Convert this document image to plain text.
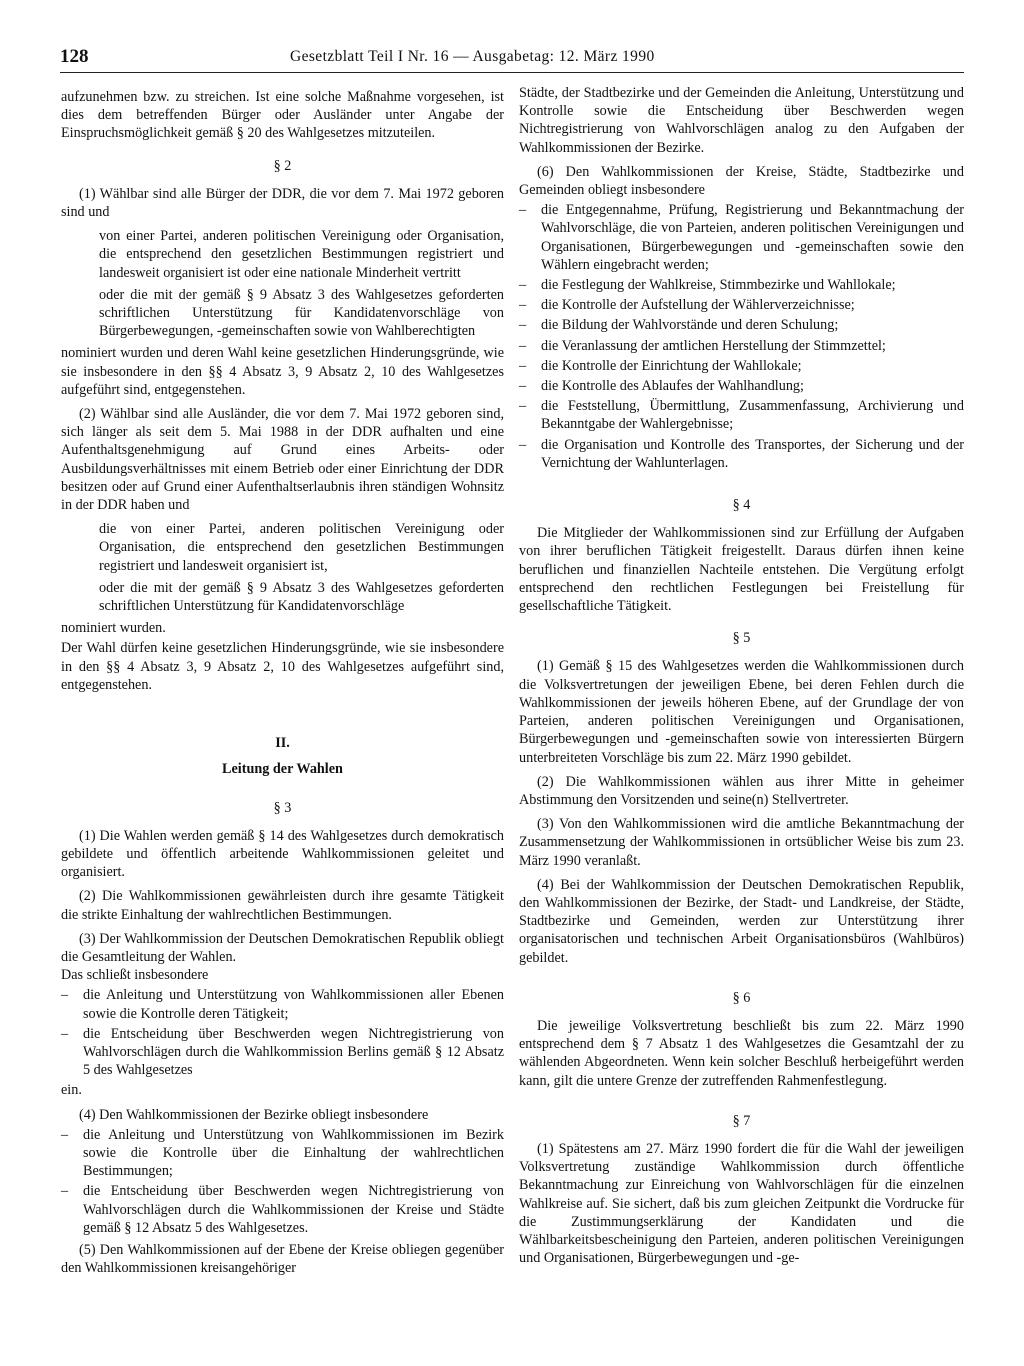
128	Gesetzblatt Teil I Nr. 16 — Ausgabetag: 12. März 1990

aufzunehmen bzw. zu streichen. Ist eine solche Maßnahme vorgesehen, ist dies dem betreffenden Bürger oder Ausländer unter Angabe der Einspruchsmöglichkeit gemäß § 20 des Wahlgesetzes mitzuteilen.

§ 2

(1) Wählbar sind alle Bürger der DDR, die vor dem 7. Mai 1972 geboren sind und

von einer Partei, anderen politischen Vereinigung oder Organisation, die entsprechend den gesetzlichen Bestimmungen registriert und landesweit organisiert ist oder eine nationale Minderheit vertritt

oder die mit der gemäß § 9 Absatz 3 des Wahlgesetzes geforderten schriftlichen Unterstützung für Kandidatenvorschläge von Bürgerbewegungen, -gemeinschaften sowie von Wahlberechtigten

nominiert wurden und deren Wahl keine gesetzlichen Hinderungsgründe, wie sie insbesondere in den §§ 4 Absatz 3, 9 Absatz 2, 10 des Wahlgesetzes aufgeführt sind, entgegenstehen.

(2) Wählbar sind alle Ausländer, die vor dem 7. Mai 1972 geboren sind, sich länger als seit dem 5. Mai 1988 in der DDR aufhalten und eine Aufenthaltsgenehmigung auf Grund eines Arbeits- oder Ausbildungsverhältnisses mit einem Betrieb oder einer Einrichtung der DDR besitzen oder auf Grund einer Aufenthaltserlaubnis ihren ständigen Wohnsitz in der DDR haben und

die von einer Partei, anderen politischen Vereinigung oder Organisation, die entsprechend den gesetzlichen Bestimmungen registriert und landesweit organisiert ist,

oder die mit der gemäß § 9 Absatz 3 des Wahlgesetzes geforderten schriftlichen Unterstützung für Kandidatenvorschläge

nominiert wurden.

Der Wahl dürfen keine gesetzlichen Hinderungsgründe, wie sie insbesondere in den §§ 4 Absatz 3, 9 Absatz 2, 10 des Wahlgesetzes aufgeführt sind, entgegenstehen.

II.
Leitung der Wahlen
§ 3

(1) Die Wahlen werden gemäß § 14 des Wahlgesetzes durch demokratisch gebildete und öffentlich arbeitende Wahlkommissionen geleitet und organisiert.

(2) Die Wahlkommissionen gewährleisten durch ihre gesamte Tätigkeit die strikte Einhaltung der wahlrechtlichen Bestimmungen.

(3) Der Wahlkommission der Deutschen Demokratischen Republik obliegt die Gesamtleitung der Wahlen.

Das schließt insbesondere

–	die Anleitung und Unterstützung von Wahlkommissionen aller Ebenen sowie die Kontrolle deren Tätigkeit;
–	die Entscheidung über Beschwerden wegen Nichtregistrierung von Wahlvorschlägen durch die Wahlkommission Berlins gemäß § 12 Absatz 5 des Wahlgesetzes

ein.

(4) Den Wahlkommissionen der Bezirke obliegt insbesondere

–	die Anleitung und Unterstützung von Wahlkommissionen im Bezirk sowie die Kontrolle über die Einhaltung der wahlrechtlichen Bestimmungen;
–	die Entscheidung über Beschwerden wegen Nichtregistrierung von Wahlvorschlägen durch die Wahlkommissionen der Kreise und Städte gemäß § 12 Absatz 5 des Wahlgesetzes.

(5) Den Wahlkommissionen auf der Ebene der Kreise obliegen gegenüber den Wahlkommissionen kreisangehöriger

Städte, der Stadtbezirke und der Gemeinden die Anleitung, Unterstützung und Kontrolle sowie die Entscheidung über Beschwerden wegen Nichtregistrierung von Wahlvorschlägen analog zu den Aufgaben der Wahlkommissionen der Bezirke.

(6) Den Wahlkommissionen der Kreise, Städte, Stadtbezirke und Gemeinden obliegt insbesondere

–	die Entgegennahme, Prüfung, Registrierung und Bekanntmachung der Wahlvorschläge, die von Parteien, anderen politischen Vereinigungen und Organisationen, Bürgerbewegungen und -gemeinschaften sowie den Wählern eingebracht werden;
–	die Festlegung der Wahlkreise, Stimmbezirke und Wahllokale;
–	die Kontrolle der Aufstellung der Wählerverzeichnisse;
–	die Bildung der Wahlvorstände und deren Schulung;
–	die Veranlassung der amtlichen Herstellung der Stimmzettel;
–	die Kontrolle der Einrichtung der Wahllokale;
–	die Kontrolle des Ablaufes der Wahlhandlung;
–	die Feststellung, Übermittlung, Zusammenfassung, Archivierung und Bekanntgabe der Wahlergebnisse;
–	die Organisation und Kontrolle des Transportes, der Sicherung und der Vernichtung der Wahlunterlagen.
§ 4

Die Mitglieder der Wahlkommissionen sind zur Erfüllung der Aufgaben von ihrer beruflichen Tätigkeit freigestellt. Daraus dürfen ihnen keine beruflichen und finanziellen Nachteile entstehen. Die Vergütung erfolgt entsprechend den rechtlichen Festlegungen bei Freistellung für gesellschaftliche Tätigkeit.

§ 5

(1) Gemäß § 15 des Wahlgesetzes werden die Wahlkommissionen durch die Volksvertretungen der jeweiligen Ebene, bei deren Fehlen durch die Wahlkommissionen der jeweils höheren Ebene, auf der Grundlage der von Parteien, anderen politischen Vereinigungen und Organisationen, Bürgerbewegungen und -gemeinschaften sowie von interessierten Bürgern unterbreiteten Vorschläge bis zum 22. März 1990 gebildet.

(2) Die Wahlkommissionen wählen aus ihrer Mitte in geheimer Abstimmung den Vorsitzenden und seine(n) Stellvertreter.

(3) Von den Wahlkommissionen wird die amtliche Bekanntmachung der Zusammensetzung der Wahlkommissionen in ortsüblicher Weise bis zum 23. März 1990 veranlaßt.

(4) Bei der Wahlkommission der Deutschen Demokratischen Republik, den Wahlkommissionen der Bezirke, der Stadt- und Landkreise, der Städte, Stadtbezirke und Gemeinden, werden zur Unterstützung ihrer organisatorischen und technischen Arbeit Organisationsbüros (Wahlbüros) gebildet.

§ 6

Die jeweilige Volksvertretung beschließt bis zum 22. März 1990 entsprechend dem § 7 Absatz 1 des Wahlgesetzes die Gesamtzahl der zu wählenden Abgeordneten. Wenn kein solcher Beschluß herbeigeführt werden kann, gilt die untere Grenze der zutreffenden Rahmenfestlegung.

§ 7

(1) Spätestens am 27. März 1990 fordert die für die Wahl der jeweiligen Volksvertretung zuständige Wahlkommission durch öffentliche Bekanntmachung zur Einreichung von Wahlvorschlägen für die einzelnen Wahlkreise auf. Sie sichert, daß bis zum gleichen Zeitpunkt die Vordrucke für die Zustimmungserklärung der Kandidaten und die Wählbarkeitsbescheinigung den Parteien, anderen politischen Vereinigungen und Organisationen, Bürgerbewegungen und -ge-
